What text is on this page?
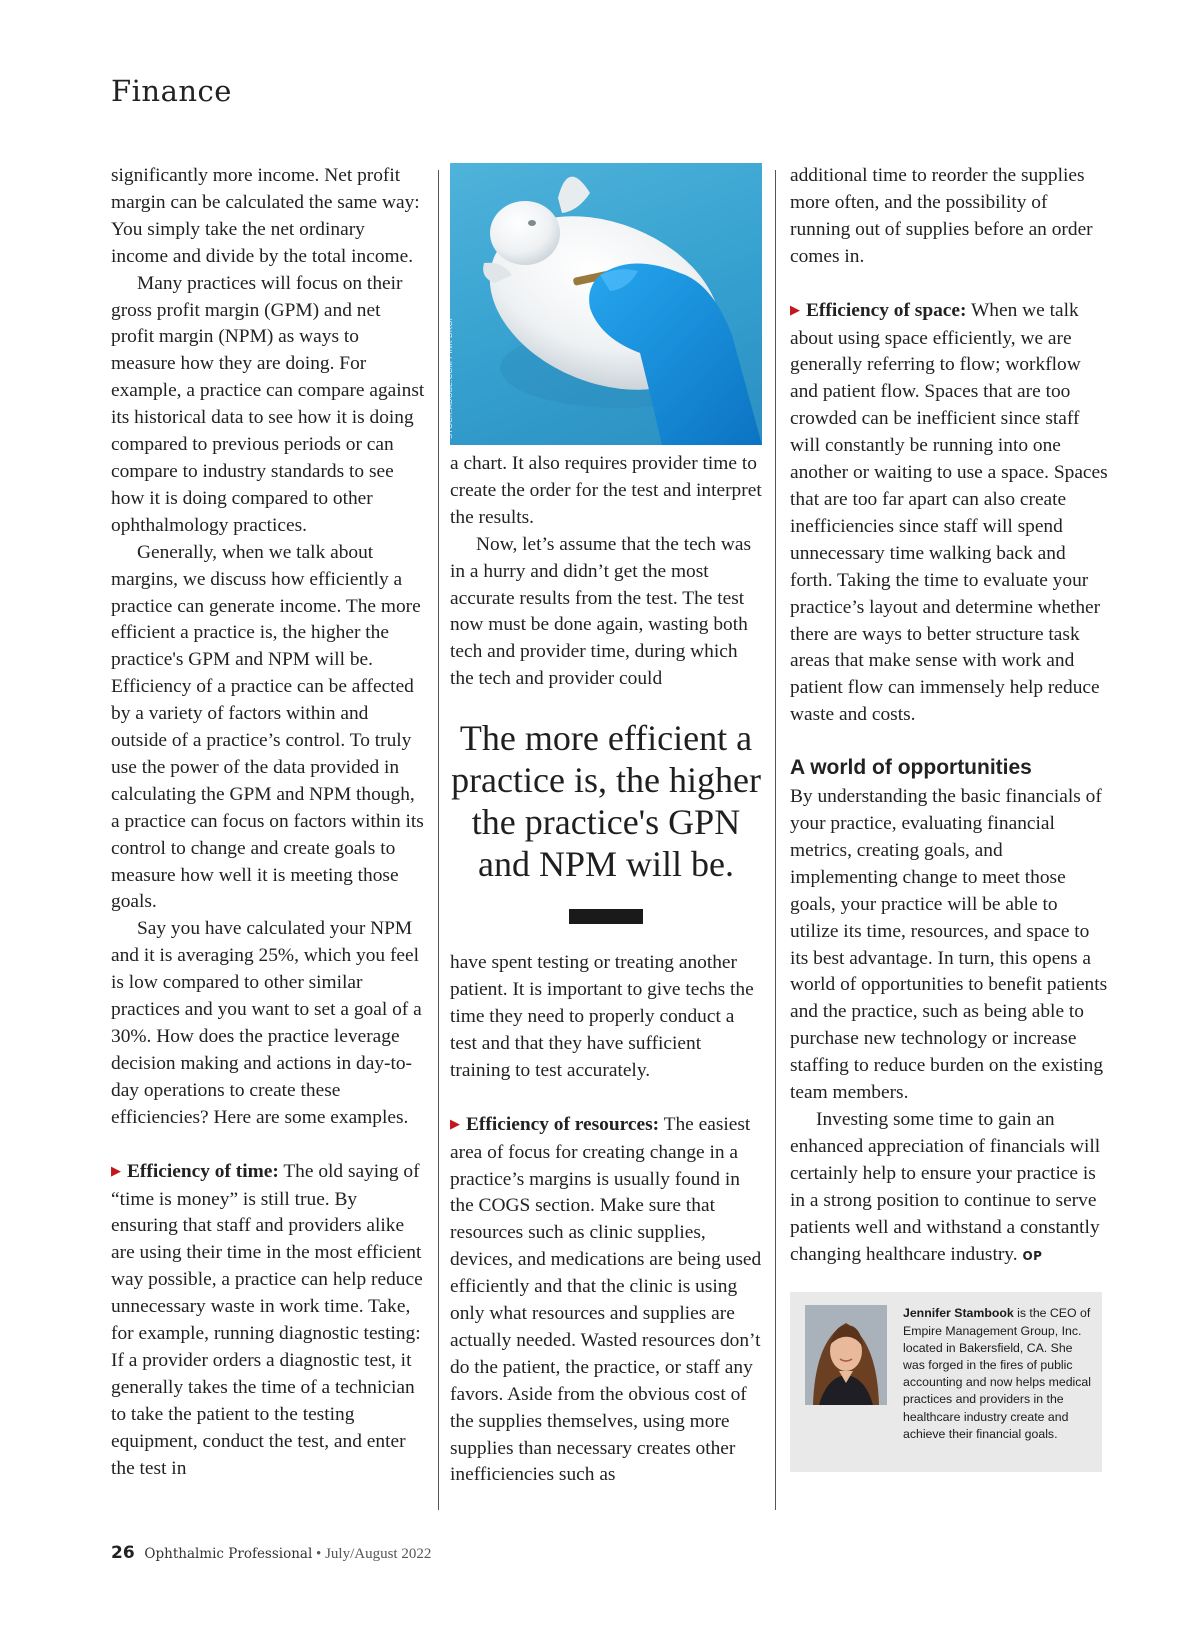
Finance

significantly more income. Net profit margin can be calculated the same way: You simply take the net ordinary income and divide by the total income.

Many practices will focus on their gross profit margin (GPM) and net profit margin (NPM) as ways to measure how they are doing. For example, a practice can compare against its historical data to see how it is doing compared to previous periods or can compare to industry standards to see how it is doing compared to other ophthalmology practices.

Generally, when we talk about margins, we discuss how efficiently a practice can generate income. The more efficient a practice is, the higher the practice's GPM and NPM will be. Efficiency of a practice can be affected by a variety of factors within and outside of a practice’s control. To truly use the power of the data provided in calculating the GPM and NPM though, a practice can focus on factors within its control to change and create goals to measure how well it is meeting those goals.

Say you have calculated your NPM and it is averaging 25%, which you feel is low compared to other similar practices and you want to set a goal of a 30%. How does the practice leverage decision making and actions in day-to-day operations to create these efficiencies? Here are some examples.

▶ Efficiency of time: The old saying of “time is money” is still true. By ensuring that staff and providers alike are using their time in the most efficient way possible, a practice can help reduce unnecessary waste in work time. Take, for example, running diagnostic testing: If a provider orders a diagnostic test, it generally takes the time of a technician to take the patient to the testing equipment, conduct the test, and enter the test in

STOCK.ADOBE.COM / INK DROP

a chart. It also requires provider time to create the order for the test and interpret the results.

Now, let’s assume that the tech was in a hurry and didn’t get the most accurate results from the test. The test now must be done again, wasting both tech and provider time, during which the tech and provider could

The more efficient a practice is, the higher the practice's GPN and NPM will be.

have spent testing or treating another patient. It is important to give techs the time they need to properly conduct a test and that they have sufficient training to test accurately.

▶ Efficiency of resources: The easiest area of focus for creating change in a practice’s margins is usually found in the COGS section. Make sure that resources such as clinic supplies, devices, and medications are being used efficiently and that the clinic is using only what resources and supplies are actually needed. Wasted resources don’t do the patient, the practice, or staff any favors. Aside from the obvious cost of the supplies themselves, using more supplies than necessary creates other inefficiencies such as

additional time to reorder the supplies more often, and the possibility of running out of supplies before an order comes in.

▶ Efficiency of space: When we talk about using space efficiently, we are generally referring to flow; workflow and patient flow. Spaces that are too crowded can be inefficient since staff will constantly be running into one another or waiting to use a space. Spaces that are too far apart can also create inefficiencies since staff will spend unnecessary time walking back and forth. Taking the time to evaluate your practice’s layout and determine whether there are ways to better structure task areas that make sense with work and patient flow can immensely help reduce waste and costs.

A world of opportunities

By understanding the basic financials of your practice, evaluating financial metrics, creating goals, and implementing change to meet those goals, your practice will be able to utilize its time, resources, and space to its best advantage. In turn, this opens a world of opportunities to benefit patients and the practice, such as being able to purchase new technology or increase staffing to reduce burden on the existing team members.

Investing some time to gain an enhanced appreciation of financials will certainly help to ensure your practice is in a strong position to continue to serve patients well and withstand a constantly changing healthcare industry. OP

Jennifer Stambook is the CEO of Empire Management Group, Inc. located in Bakersfield, CA. She was forged in the fires of public accounting and now helps medical practices and providers in the healthcare industry create and achieve their financial goals.
26 Ophthalmic Professional • July/August 2022
